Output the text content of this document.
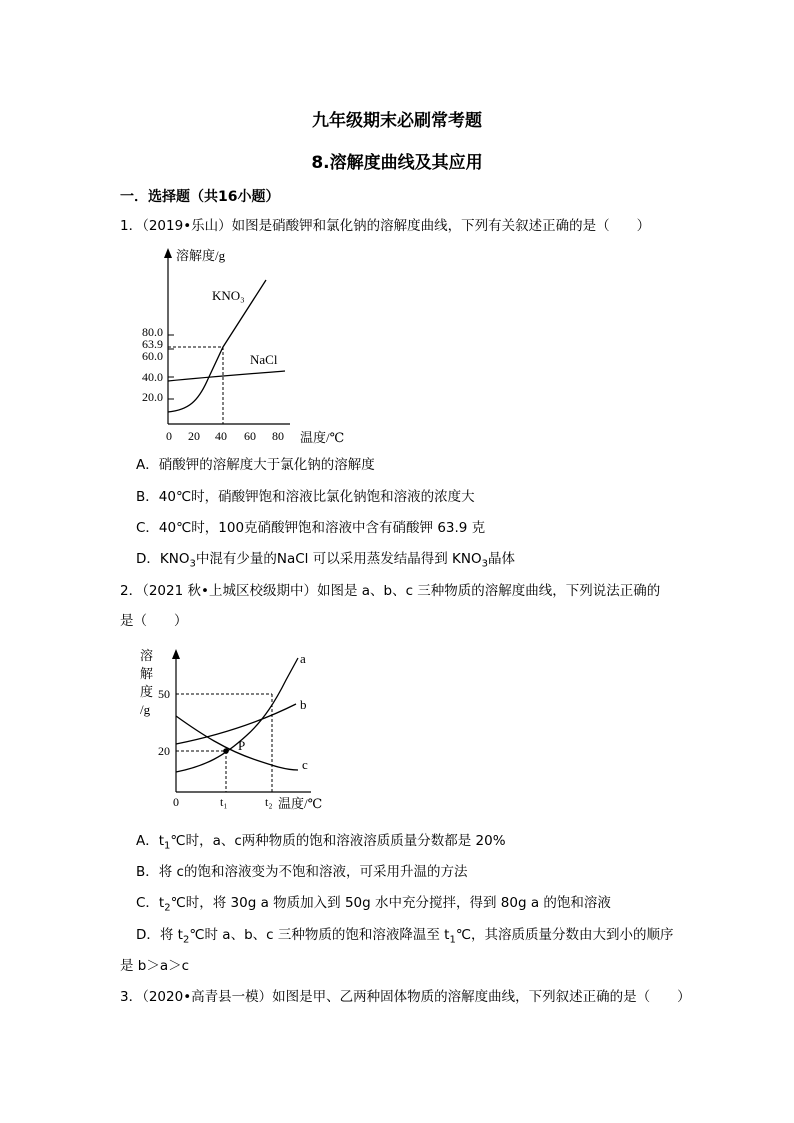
九年级期末必刷常考题
8.溶解度曲线及其应用
一．选择题（共16小题）
1．（2019•乐山）如图是硝酸钾和氯化钠的溶解度曲线，下列有关叙述正确的是（　　）
溶解度/g
80.0
63.9
60.0
40.0
20.0
0 20 40 60 80 温度/℃
KNO₃
NaCl
A．硝酸钾的溶解度大于氯化钠的溶解度
B．40℃时，硝酸钾饱和溶液比氯化钠饱和溶液的浓度大
C．40℃时，100克硝酸钾饱和溶液中含有硝酸钾 63.9 克
D．$KNO_3$中混有少量的NaCl 可以采用蒸发结晶得到 $KNO_3$晶体
2．（2021 秋•上城区校级期中）如图是 a、b、c 三种物质的溶解度曲线，下列说法正确的
是（　　）
溶
解
度
/g
50
20
0	t₁	t₂ 温度/℃
P
a
b
c
A．$t_1℃$时，a、c两种物质的饱和溶液溶质质量分数都是 20%
B．将 c的饱和溶液变为不饱和溶液，可采用升温的方法
C．$t_2℃$时，将 30g a 物质加入到 50g 水中充分搅拌，得到 80g a 的饱和溶液
D．将 $t_2℃$时 a、b、c 三种物质的饱和溶液降温至 $t_1℃$，其溶质质量分数由大到小的顺序
是 b＞a＞c
3．（2020•高青县一模）如图是甲、乙两种固体物质的溶解度曲线，下列叙述正确的是（　　）
